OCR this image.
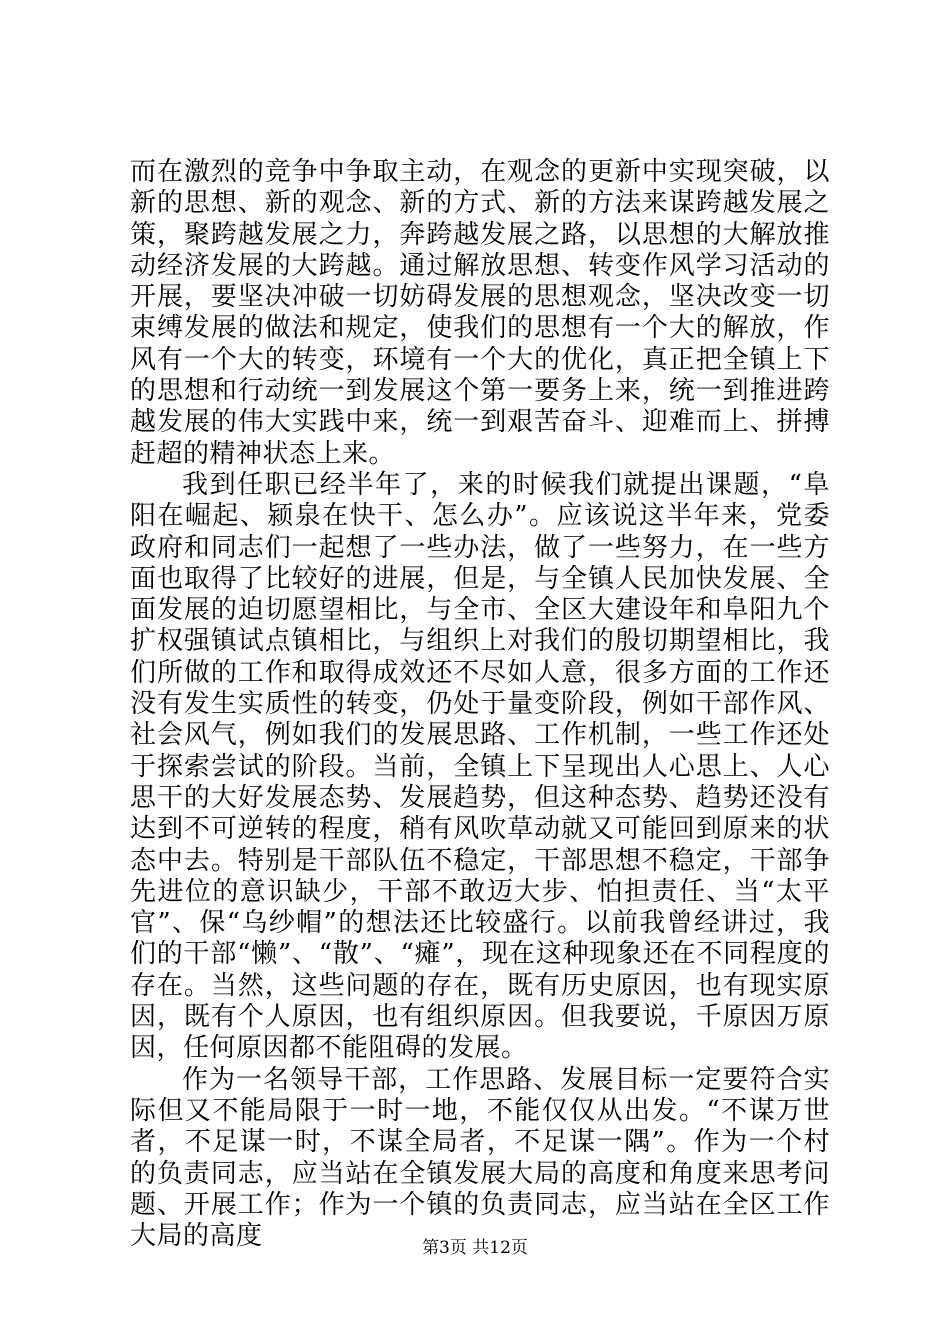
而在激烈的竞争中争取主动，在观念的更新中实现突破，以新的思想、新的观念、新的方式、新的方法来谋跨越发展之策，聚跨越发展之力，奔跨越发展之路，以思想的大解放推动经济发展的大跨越。通过解放思想、转变作风学习活动的开展，要坚决冲破一切妨碍发展的思想观念，坚决改变一切束缚发展的做法和规定，使我们的思想有一个大的解放，作风有一个大的转变，环境有一个大的优化，真正把全镇上下的思想和行动统一到发展这个第一要务上来，统一到推进跨越发展的伟大实践中来，统一到艰苦奋斗、迎难而上、拼搏赶超的精神状态上来。

我到任职已经半年了，来的时候我们就提出课题，“阜阳在崛起、颍泉在快干、怎么办”。应该说这半年来，党委政府和同志们一起想了一些办法，做了一些努力，在一些方面也取得了比较好的进展，但是，与全镇人民加快发展、全面发展的迫切愿望相比，与全市、全区大建设年和阜阳九个扩权强镇试点镇相比，与组织上对我们的殷切期望相比，我们所做的工作和取得成效还不尽如人意，很多方面的工作还没有发生实质性的转变，仍处于量变阶段，例如干部作风、社会风气，例如我们的发展思路、工作机制，一些工作还处于探索尝试的阶段。当前，全镇上下呈现出人心思上、人心思干的大好发展态势、发展趋势，但这种态势、趋势还没有达到不可逆转的程度，稍有风吹草动就又可能回到原来的状态中去。特别是干部队伍不稳定，干部思想不稳定，干部争先进位的意识缺少，干部不敢迈大步、怕担责任、当“太平官”、保“乌纱帽”的想法还比较盛行。以前我曾经讲过，我们的干部“懒”、“散”、“瘫”，现在这种现象还在不同程度的存在。当然，这些问题的存在，既有历史原因，也有现实原因，既有个人原因，也有组织原因。但我要说，千原因万原因，任何原因都不能阻碍的发展。

作为一名领导干部，工作思路、发展目标一定要符合实际但又不能局限于一时一地，不能仅仅从出发。“不谋万世者，不足谋一时，不谋全局者，不足谋一隅”。作为一个村的负责同志，应当站在全镇发展大局的高度和角度来思考问题、开展工作；作为一个镇的负责同志，应当站在全区工作大局的高度	第3页 共12页
